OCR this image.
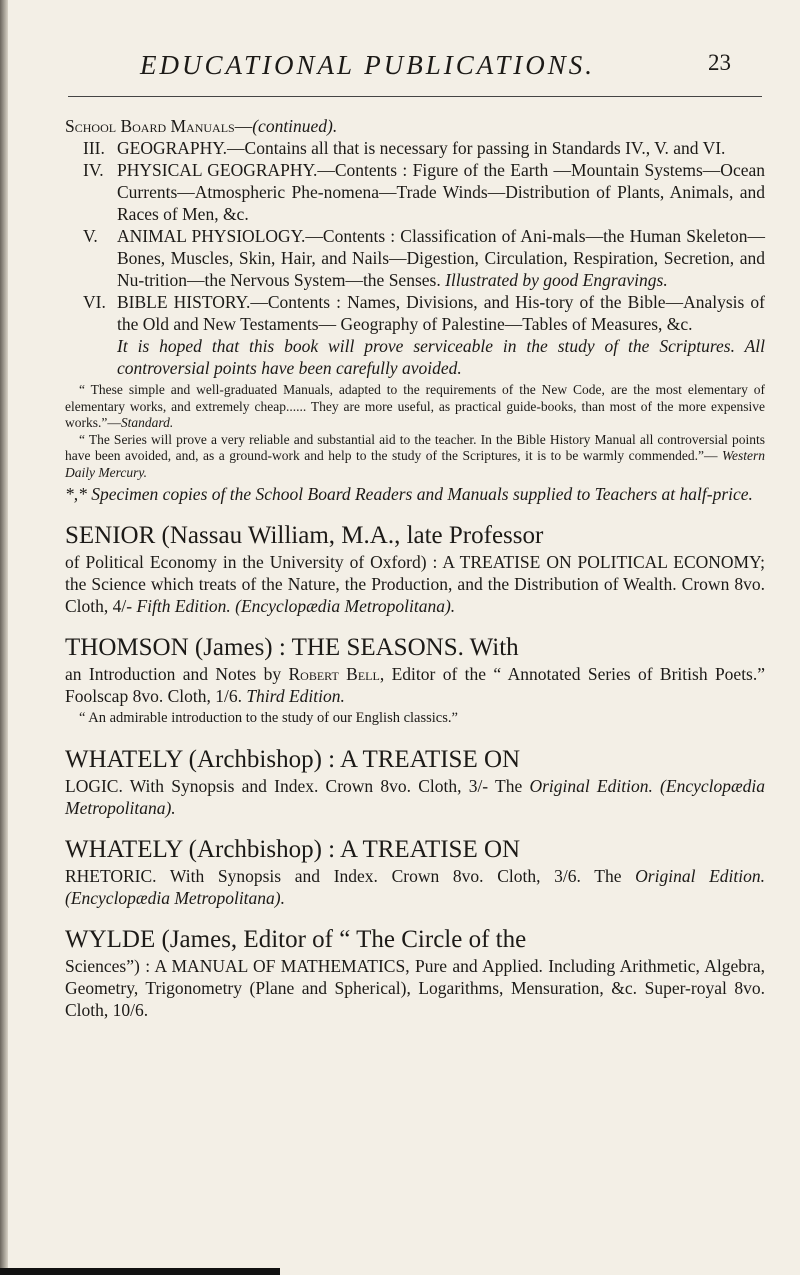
EDUCATIONAL PUBLICATIONS.	23
School Board Manuals—(continued).
III. GEOGRAPHY.—Contains all that is necessary for passing in Standards IV., V. and VI.
IV. PHYSICAL GEOGRAPHY.—Contents : Figure of the Earth —Mountain Systems—Ocean Currents—Atmospheric Phe-nomena—Trade Winds—Distribution of Plants, Animals, and Races of Men, &c.
V.	ANIMAL PHYSIOLOGY.—Contents : Classification of Ani-mals—the Human Skeleton—Bones, Muscles, Skin, Hair, and Nails—Digestion, Circulation, Respiration, Secretion, and Nu-trition—the Nervous System—the Senses. Illustrated by good Engravings.
VI. BIBLE HISTORY.—Contents : Names, Divisions, and His-tory of the Bible—Analysis of the Old and New Testaments— Geography of Palestine—Tables of Measures, &c.
It is hoped that this book will prove serviceable in the study of the Scriptures. All controversial points have been carefully avoided.

“ These simple and well-graduated Manuals, adapted to the requirements of the New Code, are the most elementary of elementary works, and extremely cheap...... They are more useful, as practical guide-books, than most of the more expensive works.”—Standard.

“ The Series will prove a very reliable and substantial aid to the teacher. In the Bible History Manual all controversial points have been avoided, and, as a ground-work and help to the study of the Scriptures, it is to be warmly commended.”— Western Daily Mercury.

*,* Specimen copies of the School Board Readers and Manuals supplied to Teachers at half-price.
SENIOR (Nassau William, M.A., late Professor
of Political Economy in the University of Oxford) : A TREATISE ON POLITICAL ECONOMY; the Science which treats of the Nature, the Production, and the Distribution of Wealth. Crown 8vo. Cloth, 4/- Fifth Edition. (Encyclopædia Metropolitana).
THOMSON (James) : THE SEASONS. With
an Introduction and Notes by Robert Bell, Editor of the “ Annotated Series of British Poets.” Foolscap 8vo. Cloth, 1/6. Third Edition.
“ An admirable introduction to the study of our English classics.”
WHATELY (Archbishop) : A TREATISE ON
LOGIC. With Synopsis and Index. Crown 8vo. Cloth, 3/- The Original Edition. (Encyclopædia Metropolitana).
WHATELY (Archbishop) : A TREATISE ON
RHETORIC. With Synopsis and Index. Crown 8vo. Cloth, 3/6. The Original Edition. (Encyclopædia Metropolitana).
WYLDE (James, Editor of “ The Circle of the
Sciences”) : A MANUAL OF MATHEMATICS, Pure and Applied. Including Arithmetic, Algebra, Geometry, Trigonometry (Plane and Spherical), Logarithms, Mensuration, &c. Super-royal 8vo. Cloth, 10/6.
